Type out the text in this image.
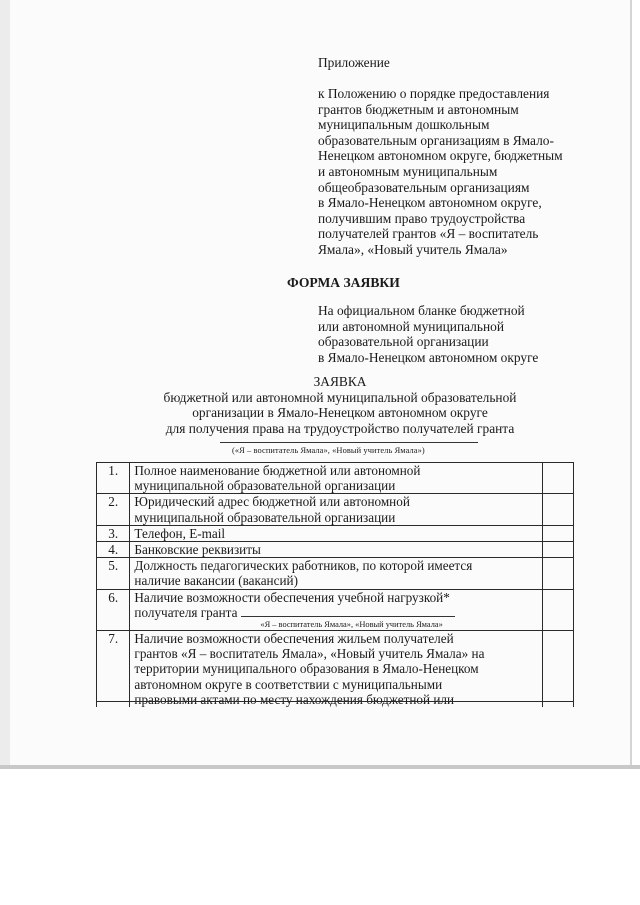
Приложение
к Положению о порядке предоставления
грантов бюджетным и автономным
муниципальным дошкольным
образовательным организациям в Ямало-
Ненецком автономном округе, бюджетным
и автономным муниципальным
общеобразовательным организациям
в Ямало-Ненецком автономном округе,
получившим право трудоустройства
получателей грантов «Я – воспитатель
Ямала», «Новый учитель Ямала»
ФОРМА ЗАЯВКИ
На официальном бланке бюджетной
или автономной муниципальной
образовательной организации
в Ямало-Ненецком автономном округе
ЗАЯВКА
бюджетной или автономной муниципальной образовательной
организации в Ямало-Ненецком автономном округе
для получения права на трудоустройство получателей гранта
(«Я – воспитатель Ямала», «Новый учитель Ямала»)
1.	Полное наименование бюджетной или автономной
муниципальной образовательной организации	

2.	Юридический адрес бюджетной или автономной
муниципальной образовательной организации	

3.	Телефон, E-mail	

4.	Банковские реквизиты	

5.	Должность педагогических работников, по которой имеется
наличие вакансии (вакансий)	

6.	Наличие возможности обеспечения учебной нагрузкой*
получателя гранта
«Я – воспитатель Ямала», «Новый учитель Ямала»	

7.	Наличие возможности обеспечения жильем получателей
грантов «Я – воспитатель Ямала», «Новый учитель Ямала» на
территории муниципального образования в Ямало-Ненецком
автономном округе в соответствии с муниципальными
правовыми актами по месту нахождения бюджетной или	
